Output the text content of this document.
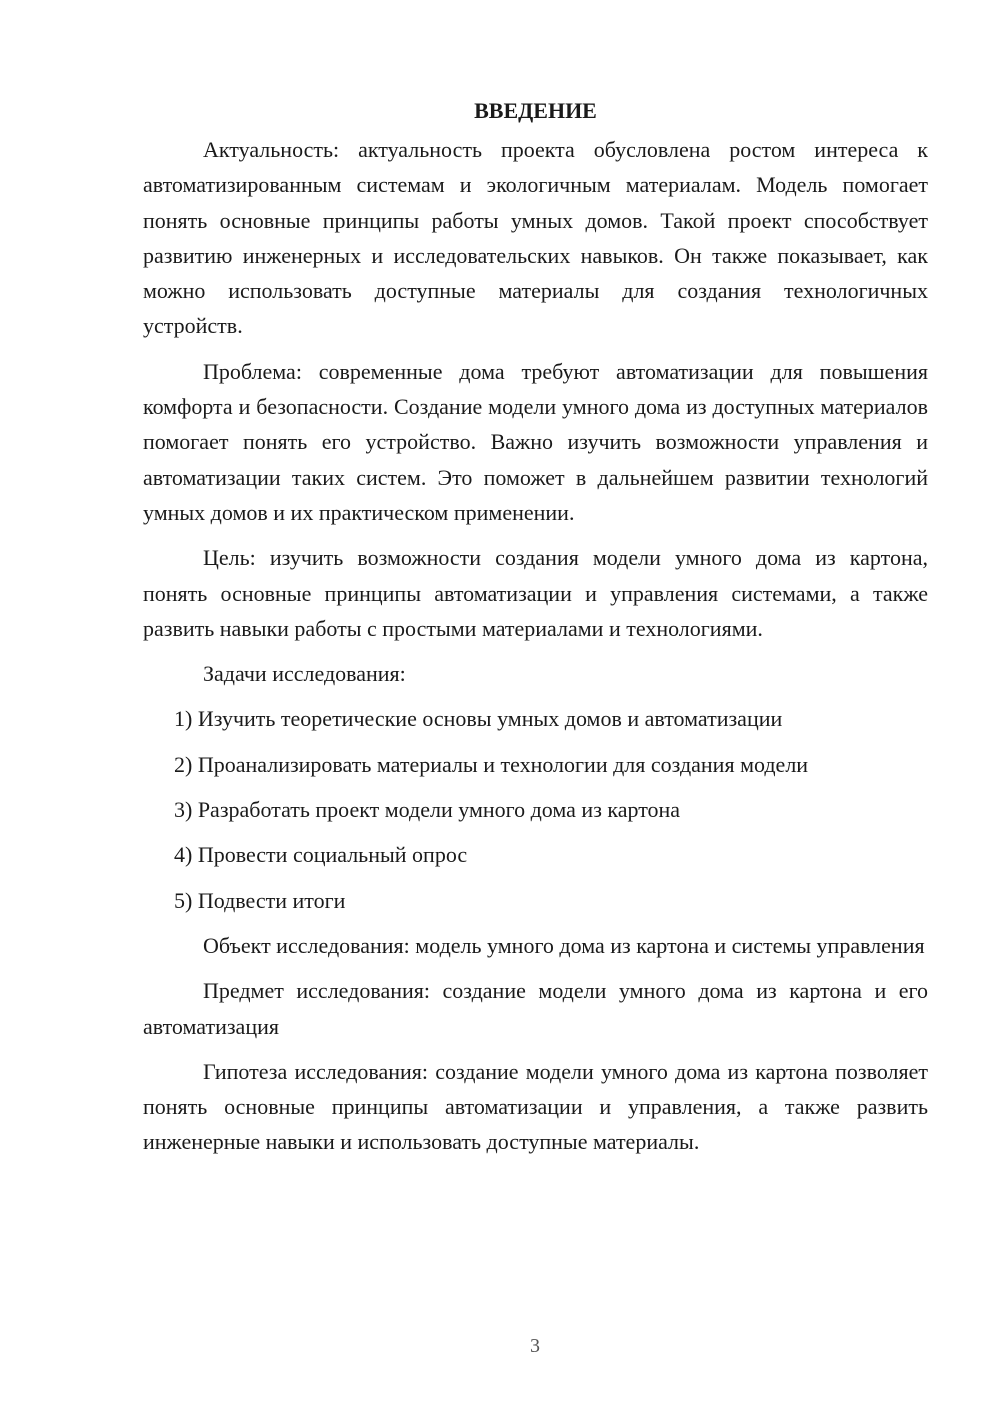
ВВЕДЕНИЕ

Актуальность: актуальность проекта обусловлена ростом интереса к автоматизированным системам и экологичным материалам. Модель помогает понять основные принципы работы умных домов. Такой проект способствует развитию инженерных и исследовательских навыков. Он также показывает, как можно использовать доступные материалы для создания технологичных устройств.

Проблема: современные дома требуют автоматизации для повышения комфорта и безопасности. Создание модели умного дома из доступных материалов помогает понять его устройство. Важно изучить возможности управления и автоматизации таких систем. Это поможет в дальнейшем развитии технологий умных домов и их практическом применении.

Цель: изучить возможности создания модели умного дома из картона, понять основные принципы автоматизации и управления системами, а также развить навыки работы с простыми материалами и технологиями.

Задачи исследования:

1) Изучить теоретические основы умных домов и автоматизации

2) Проанализировать материалы и технологии для создания модели

3) Разработать проект модели умного дома из картона

4) Провести социальный опрос

5) Подвести итоги

Объект исследования: модель умного дома из картона и системы управления

Предмет исследования: создание модели умного дома из картона и его автоматизация

Гипотеза исследования: создание модели умного дома из картона позволяет понять основные принципы автоматизации и управления, а также развить инженерные навыки и использовать доступные материалы.

3
